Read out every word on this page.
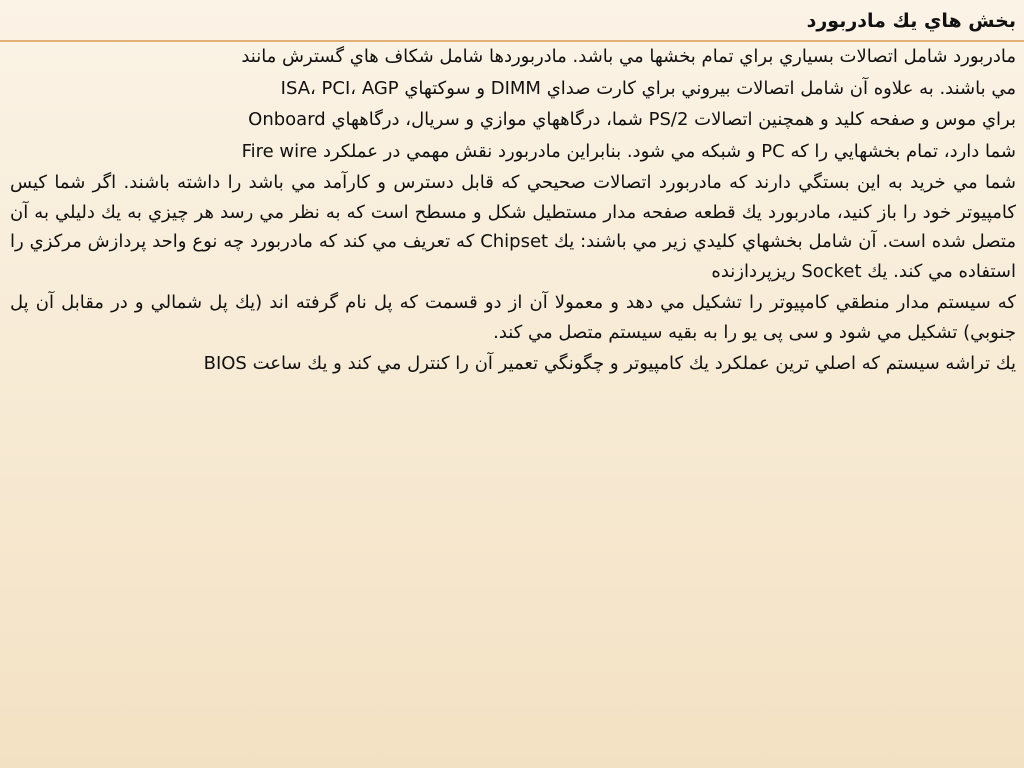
بخش هاي يك مادربورد

مادربورد شامل اتصالات بسياري براي تمام بخشها مي باشد. مادربوردها شامل شكاف هاي گسترش مانند

مي باشند. به علاوه آن شامل اتصالات بيروني براي كارت صداي DIMM و سوكتهاي ISA، PCI، AGP

براي موس و صفحه كليد و همچنين اتصالات PS/2 شما، درگاههاي موازي و سريال، درگاههاي Onboard

شما دارد، تمام بخشهايي را كه PC و شبكه مي شود. بنابراين مادربورد نقش مهمي در عملكرد Fire wire

شما مي خريد به اين بستگي دارند كه مادربورد اتصالات صحيحي كه قابل دسترس و كارآمد مي باشد را داشته باشند. اگر شما كيس كامپيوتر خود را باز كنيد، مادربورد يك قطعه صفحه مدار مستطيل شكل و مسطح است كه به نظر مي رسد هر چيزي به يك دليلي به آن متصل شده است. آن شامل بخشهاي كليدي زير مي باشند: يك Chipset كه تعريف مي كند كه مادربورد چه نوع واحد پردازش مركزي را استفاده مي كند. يك Socket ريزپردازنده

كه سيستم مدار منطقي كامپيوتر را تشكيل مي دهد و معمولا آن از دو قسمت كه پل نام گرفته اند (يك پل شمالي و در مقابل آن پل جنوبي) تشكيل مي شود و سی پی یو را به بقيه سيستم متصل مي كند.

يك تراشه سيستم كه اصلي ترين عملكرد يك كامپيوتر و چگونگي تعمير آن را كنترل مي كند و يك ساعت BIOS
